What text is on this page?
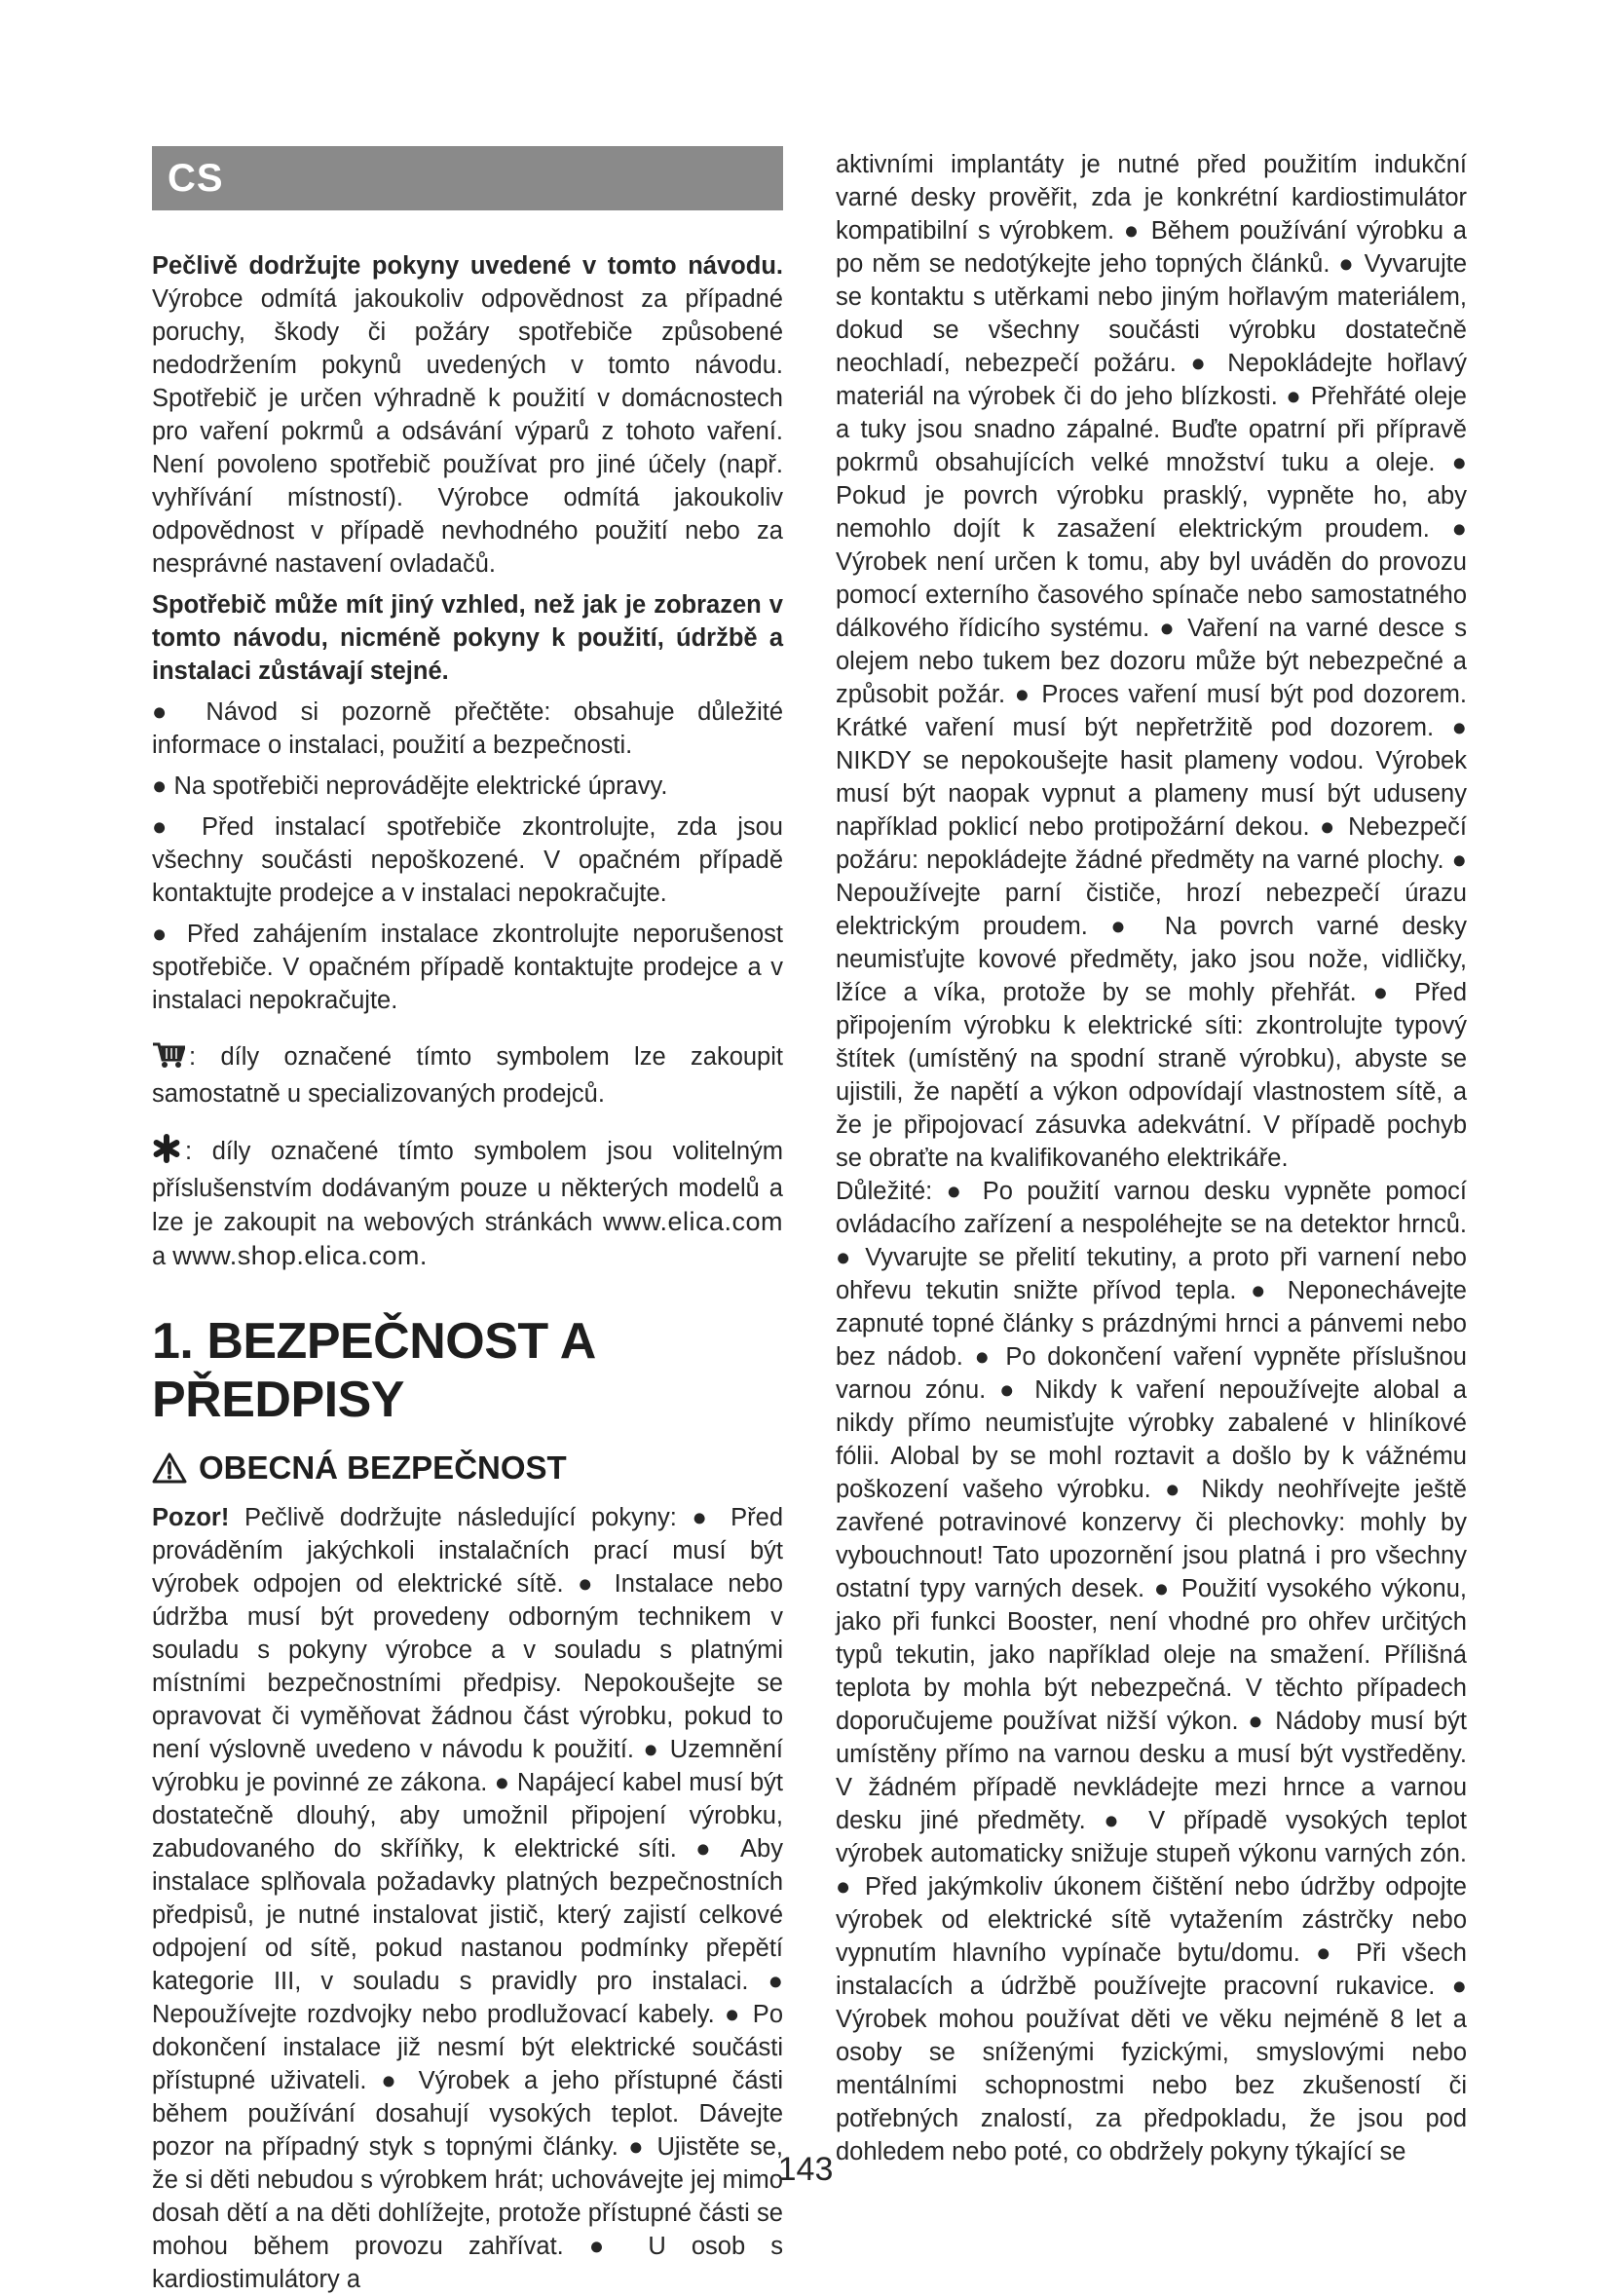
CS

Pečlivě dodržujte pokyny uvedené v tomto návodu. Výrobce odmítá jakoukoliv odpovědnost za případné poruchy, škody či požáry spotřebiče způsobené nedodržením pokynů uvedených v tomto návodu. Spotřebič je určen výhradně k použití v domácnostech pro vaření pokrmů a odsávání výparů z tohoto vaření. Není povoleno spotřebič používat pro jiné účely (např. vyhřívání místností). Výrobce odmítá jakoukoliv odpovědnost v případě nevhodného použití nebo za nesprávné nastavení ovladačů.

Spotřebič může mít jiný vzhled, než jak je zobrazen v tomto návodu, nicméně pokyny k použití, údržbě a instalaci zůstávají stejné.

● Návod si pozorně přečtěte: obsahuje důležité informace o instalaci, použití a bezpečnosti.

● Na spotřebiči neprovádějte elektrické úpravy.

● Před instalací spotřebiče zkontrolujte, zda jsou všechny součásti nepoškozené. V opačném případě kontaktujte prodejce a v instalaci nepokračujte.

● Před zahájením instalace zkontrolujte neporušenost spotřebiče. V opačném případě kontaktujte prodejce a v instalaci nepokračujte.

: díly označené tímto symbolem lze zakoupit samostatně u specializovaných prodejců.

: díly označené tímto symbolem jsou volitelným příslušenstvím dodávaným pouze u některých modelů a lze je zakoupit na webových stránkách www.elica.com a www.shop.elica.com.

1. BEZPEČNOST A PŘEDPISY
OBECNÁ BEZPEČNOST

Pozor! Pečlivě dodržujte následující pokyny: ● Před prováděním jakýchkoli instalačních prací musí být výrobek odpojen od elektrické sítě. ● Instalace nebo údržba musí být provedeny odborným technikem v souladu s pokyny výrobce a v souladu s platnými místními bezpečnostními předpisy. Nepokoušejte se opravovat či vyměňovat žádnou část výrobku, pokud to není výslovně uvedeno v návodu k použití. ● Uzemnění výrobku je povinné ze zákona. ● Napájecí kabel musí být dostatečně dlouhý, aby umožnil připojení výrobku, zabudovaného do skříňky, k elektrické síti. ● Aby instalace splňovala požadavky platných bezpečnostních předpisů, je nutné instalovat jistič, který zajistí celkové odpojení od sítě, pokud nastanou podmínky přepětí kategorie III, v souladu s pravidly pro instalaci. ● Nepoužívejte rozdvojky nebo prodlužovací kabely. ● Po dokončení instalace již nesmí být elektrické součásti přístupné uživateli. ● Výrobek a jeho přístupné části během používání dosahují vysokých teplot. Dávejte pozor na případný styk s topnými články. ● Ujistěte se, že si děti nebudou s výrobkem hrát; uchovávejte jej mimo dosah dětí a na děti dohlížejte, protože přístupné části se mohou během provozu zahřívat. ● U osob s kardiostimulátory a

aktivními implantáty je nutné před použitím indukční varné desky prověřit, zda je konkrétní kardiostimulátor kompatibilní s výrobkem. ● Během používání výrobku a po něm se nedotýkejte jeho topných článků. ● Vyvarujte se kontaktu s utěrkami nebo jiným hořlavým materiálem, dokud se všechny součásti výrobku dostatečně neochladí, nebezpečí požáru. ● Nepokládejte hořlavý materiál na výrobek či do jeho blízkosti. ● Přehřáté oleje a tuky jsou snadno zápalné. Buďte opatrní při přípravě pokrmů obsahujících velké množství tuku a oleje. ● Pokud je povrch výrobku prasklý, vypněte ho, aby nemohlo dojít k zasažení elektrickým proudem. ● Výrobek není určen k tomu, aby byl uváděn do provozu pomocí externího časového spínače nebo samostatného dálkového řídicího systému. ● Vaření na varné desce s olejem nebo tukem bez dozoru může být nebezpečné a způsobit požár. ● Proces vaření musí být pod dozorem. Krátké vaření musí být nepřetržitě pod dozorem. ● NIKDY se nepokoušejte hasit plameny vodou. Výrobek musí být naopak vypnut a plameny musí být uduseny například poklicí nebo protipožární dekou. ● Nebezpečí požáru: nepokládejte žádné předměty na varné plochy. ● Nepoužívejte parní čističe, hrozí nebezpečí úrazu elektrickým proudem. ● Na povrch varné desky neumisťujte kovové předměty, jako jsou nože, vidličky, lžíce a víka, protože by se mohly přehřát. ● Před připojením výrobku k elektrické síti: zkontrolujte typový štítek (umístěný na spodní straně výrobku), abyste se ujistili, že napětí a výkon odpovídají vlastnostem sítě, a že je připojovací zásuvka adekvátní. V případě pochyb se obraťte na kvalifikovaného elektrikáře.

Důležité: ● Po použití varnou desku vypněte pomocí ovládacího zařízení a nespoléhejte se na detektor hrnců. ● Vyvarujte se přelití tekutiny, a proto při varnení nebo ohřevu tekutin snižte přívod tepla. ● Neponechávejte zapnuté topné články s prázdnými hrnci a pánvemi nebo bez nádob. ● Po dokončení vaření vypněte příslušnou varnou zónu. ● Nikdy k vaření nepoužívejte alobal a nikdy přímo neumisťujte výrobky zabalené v hliníkové fólii. Alobal by se mohl roztavit a došlo by k vážnému poškození vašeho výrobku. ● Nikdy neohřívejte ještě zavřené potravinové konzervy či plechovky: mohly by vybouchnout! Tato upozornění jsou platná i pro všechny ostatní typy varných desek. ● Použití vysokého výkonu, jako při funkci Booster, není vhodné pro ohřev určitých typů tekutin, jako například oleje na smažení. Přílišná teplota by mohla být nebezpečná. V těchto případech doporučujeme používat nižší výkon. ● Nádoby musí být umístěny přímo na varnou desku a musí být vystředěny. V žádném případě nevkládejte mezi hrnce a varnou desku jiné předměty. ● V případě vysokých teplot výrobek automaticky snižuje stupeň výkonu varných zón. ● Před jakýmkoliv úkonem čištění nebo údržby odpojte výrobek od elektrické sítě vytažením zástrčky nebo vypnutím hlavního vypínače bytu/domu. ● Při všech instalacích a údržbě používejte pracovní rukavice. ● Výrobek mohou používat děti ve věku nejméně 8 let a osoby se sníženými fyzickými, smyslovými nebo mentálními schopnostmi nebo bez zkušeností či potřebných znalostí, za předpokladu, že jsou pod dohledem nebo poté, co obdržely pokyny týkající se

143
